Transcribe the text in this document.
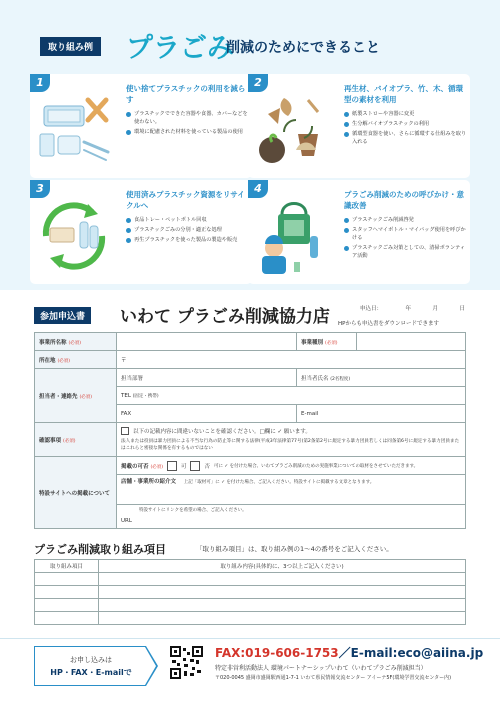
取り組み例 プラごみ
削減のためにできること
1	使い捨てプラスチックの利用を減らす
プラスチックでできた容器や食器、カバーなどを使わない。
環境に配慮された材料を使っている製品の使用
2	再生材、バイオプラ、竹、木、循環型の素材を利用
紙製ストローや容器に変更
生分解バイオプラスチックの利用
循環型食器を使い、さらに循環する仕組みを取り入れる
3	使用済みプラスチック資源をリサイクルへ
食品トレー・ペットボトル回収
プラスチックごみの分別・適正な処理
再生プラスチックを使った製品の製造や販売
4	プラごみ削減のための呼びかけ・意識改善
プラスチックごみ削減啓発
スタッフへマイボトル・マイバッグ使用を呼びかける
プラスチックごみ対策としての、清掃ボランティア活動
参加申込書	いわて プラごみ削減協力店	申込日：	年	月	日
HPからも申込書をダウンロードできます
事業所名称 (必須)		事業種別 (必須)	
所在地 (必須)	〒		
担当者・連絡先 (必須)	担当部署	担当者氏名 (2名程度)	
	TEL (固定・携帯)		
	FAX	E-mail	
確認事項 (必須)	以下の記載内容に間違いないことを確認ください。□欄に ✓ 願います。
法人または役員は暴力団員による不当な行為の防止等に関する法律(平成3年法律第77号)第2条第2号に規定する暴力団員若しくは同条第6号に規定する暴力団員またはこれらと密接な関係を有するものではない		

特設サイトへの掲載について	掲載の可否 (必須) 可 否 可に ✓ を付けた場合、いわてプラごみ削減のための実施事業についての取材をさせていただきます。		

	店舗・事業所の紹介文 上記「取材可」に ✓ を付けた場合、ご記入ください。特設サイトに掲載する文章となります。		

	特設サイトにリンクを希望の場合、ご記入ください。
URL		
プラごみ削減取り組み項目	「取り組み項目」は、取り組み例の1～4の番号をご記入ください。
取り組み項目	取り組み内容(具体的に、3つ以上ご記入ください)

お申し込みは
HP・FAX・E-mailで
FAX:019-606-1753／E-mail:eco@aiina.jp
特定非営利活動法人 環境パートナーシップいわて（いわてプラごみ削減担当）
〒020-0045 盛岡市盛岡駅西通1-7-1 いわて県民情報交流センター アイーナ5F(環境学習交流センター内)
